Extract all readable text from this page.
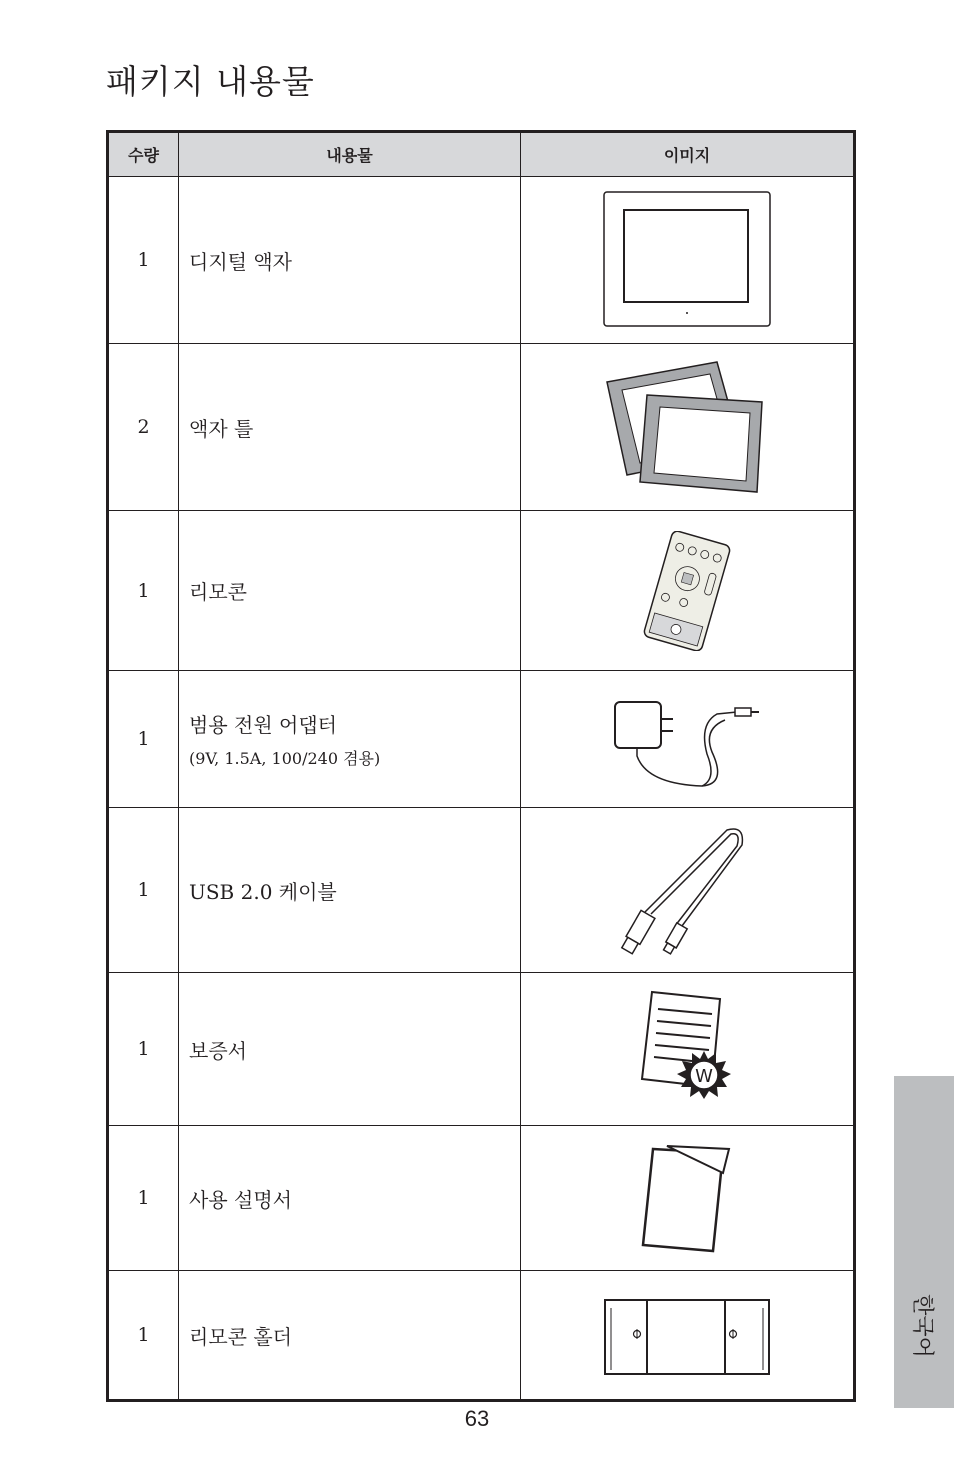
패키지 내용물
수량	내용물	이미지
1	디지털 액자	

2	액자 틀	

1	리모콘	

1	범용 전원 어댑터
(9V, 1.5A, 100/240 겸용)

1	USB 2.0 케이블	

1	보증서	W

1	사용 설명서	

1	리모콘 홀더	
63
한국어
